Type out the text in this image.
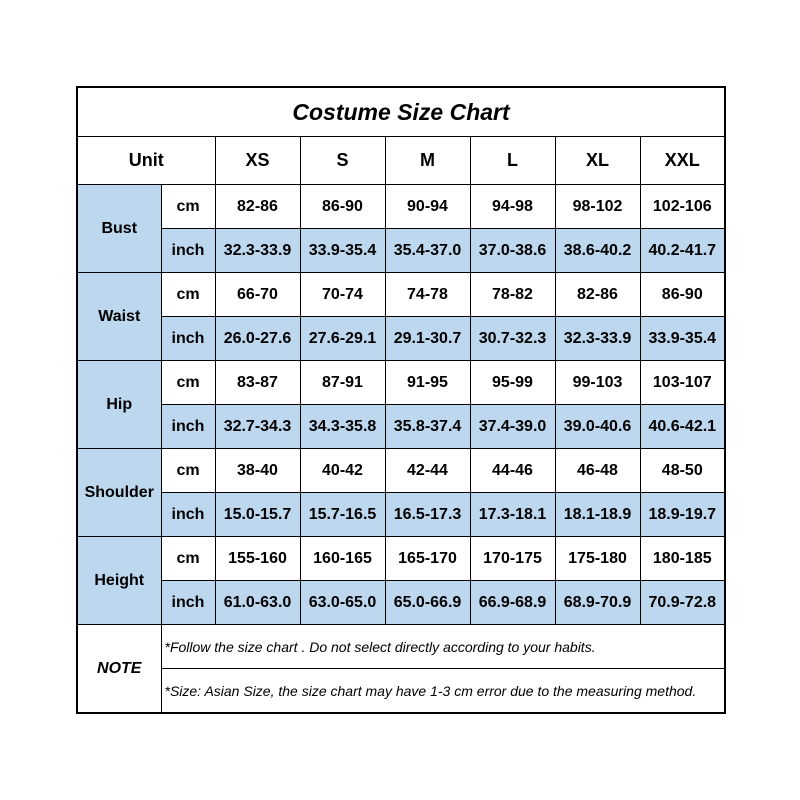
Costume Size Chart							
Unit		XS	S	M	L	XL	XXL
Bust	cm	82-86	86-90	90-94	94-98	98-102	102-106
	inch	32.3-33.9	33.9-35.4	35.4-37.0	37.0-38.6	38.6-40.2	40.2-41.7
Waist	cm	66-70	70-74	74-78	78-82	82-86	86-90
	inch	26.0-27.6	27.6-29.1	29.1-30.7	30.7-32.3	32.3-33.9	33.9-35.4
Hip	cm	83-87	87-91	91-95	95-99	99-103	103-107
	inch	32.7-34.3	34.3-35.8	35.8-37.4	37.4-39.0	39.0-40.6	40.6-42.1
Shoulder	cm	38-40	40-42	42-44	44-46	46-48	48-50
	inch	15.0-15.7	15.7-16.5	16.5-17.3	17.3-18.1	18.1-18.9	18.9-19.7
Height	cm	155-160	160-165	165-170	170-175	175-180	180-185
	inch	61.0-63.0	63.0-65.0	65.0-66.9	66.9-68.9	68.9-70.9	70.9-72.8
NOTE	*Follow the size chart . Do not select directly according to your habits.						
	*Size: Asian Size, the size chart may have 1-3 cm error due to the measuring method.						
